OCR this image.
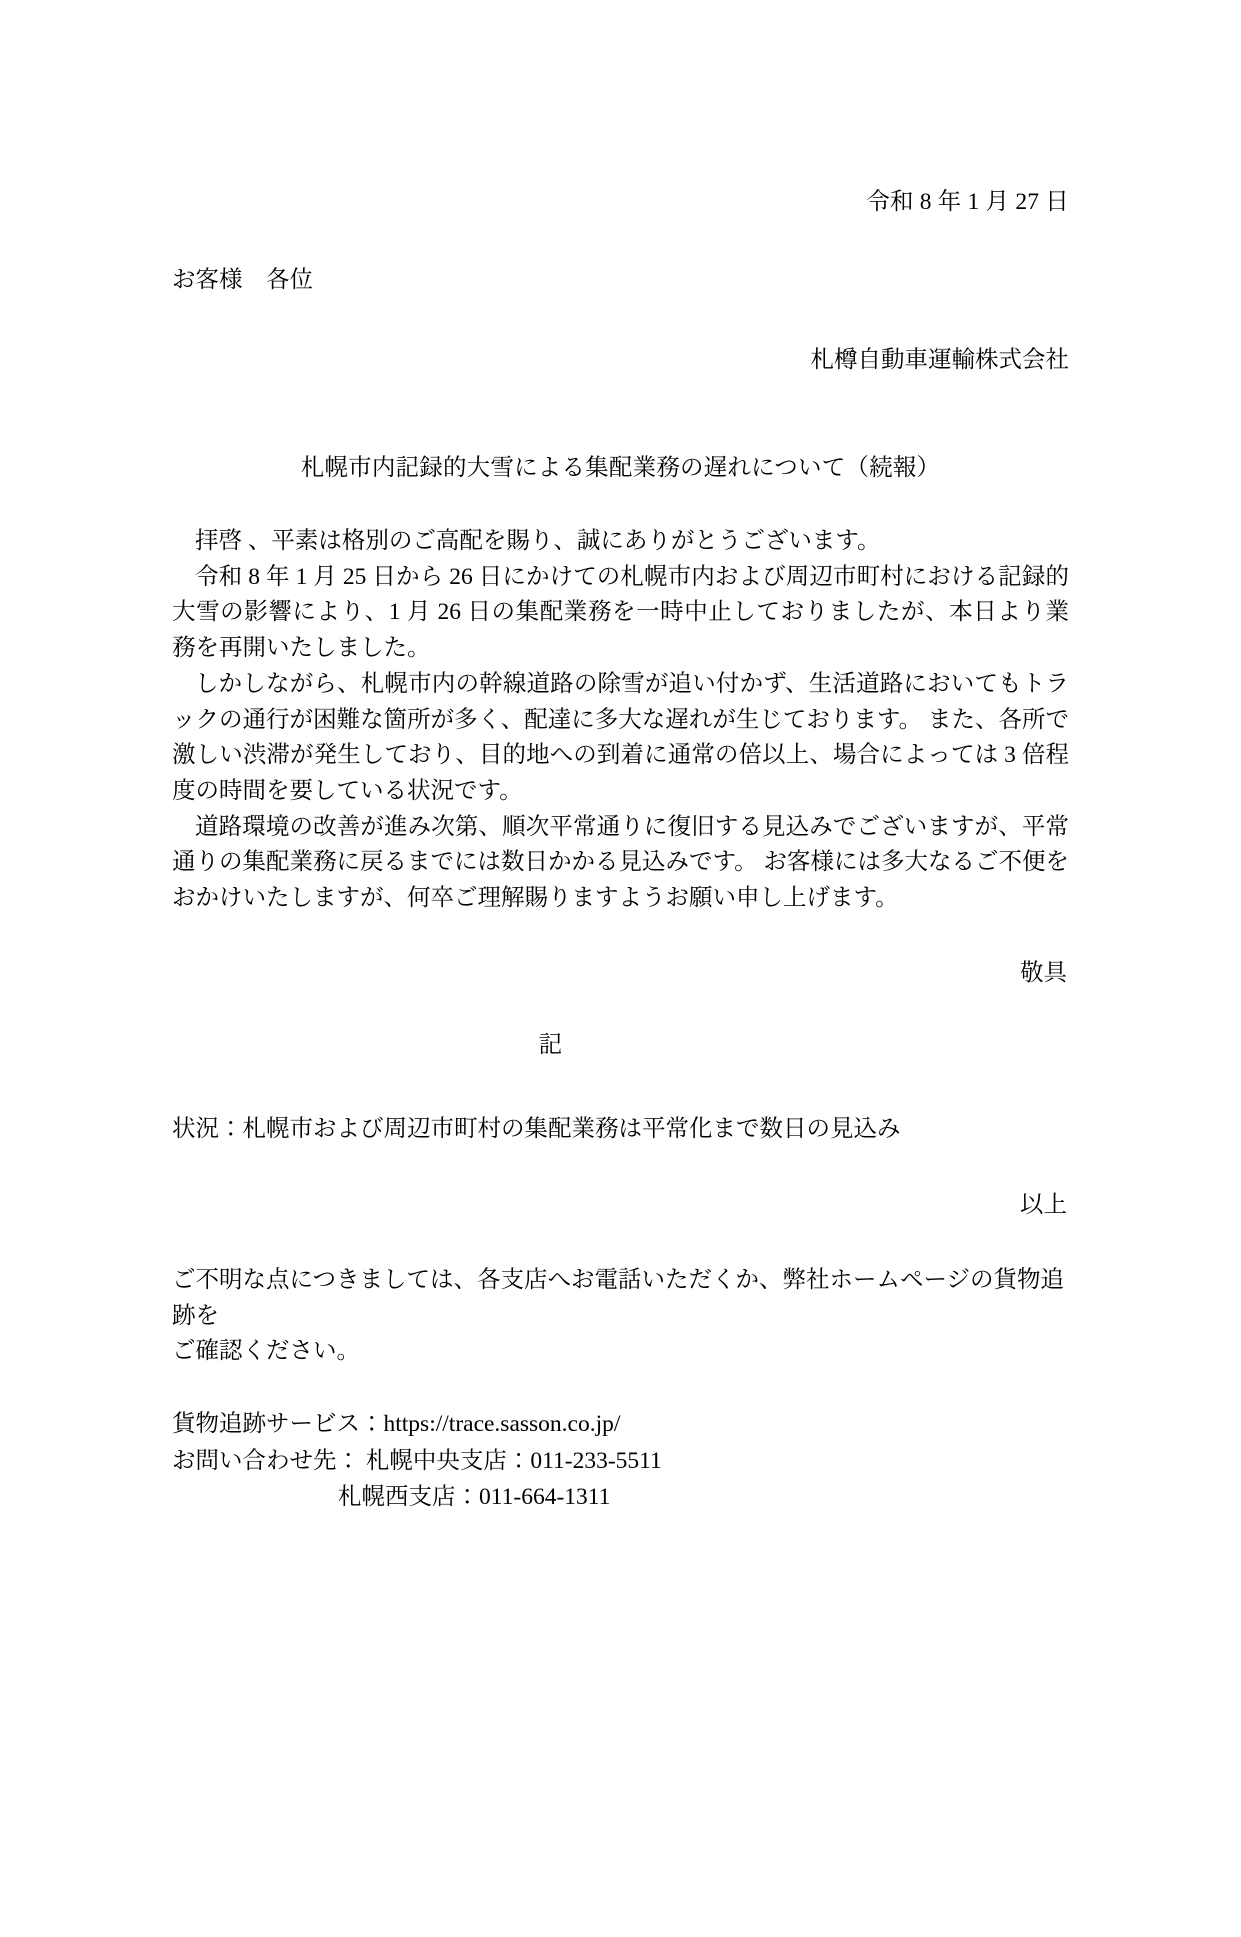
令和 8 年 1 月 27 日
お客様　各位
札樽自動車運輸株式会社
札幌市内記録的大雪による集配業務の遅れについて（続報）

拝啓 、平素は格別のご高配を賜り、誠にありがとうございます。

令和 8 年 1 月 25 日から 26 日にかけての札幌市内および周辺市町村における記録的大雪の影響により、1 月 26 日の集配業務を一時中止しておりましたが、本日より業務を再開いたしました。

しかしながら、札幌市内の幹線道路の除雪が追い付かず、生活道路においてもトラックの通行が困難な箇所が多く、配達に多大な遅れが生じております。 また、各所で激しい渋滞が発生しており、目的地への到着に通常の倍以上、場合によっては 3 倍程度の時間を要している状況です。

道路環境の改善が進み次第、順次平常通りに復旧する見込みでございますが、平常通りの集配業務に戻るまでには数日かかる見込みです。 お客様には多大なるご不便をおかけいたしますが、何卒ご理解賜りますようお願い申し上げます。

敬具
記
状況：札幌市および周辺市町村の集配業務は平常化まで数日の見込み
以上

ご不明な点につきましては、各支店へお電話いただくか、弊社ホームページの貨物追跡を

ご確認ください。

貨物追跡サービス：https://trace.sasson.co.jp/

お問い合わせ先： 札幌中央支店：011-233-5511

札幌西支店：011-664-1311
